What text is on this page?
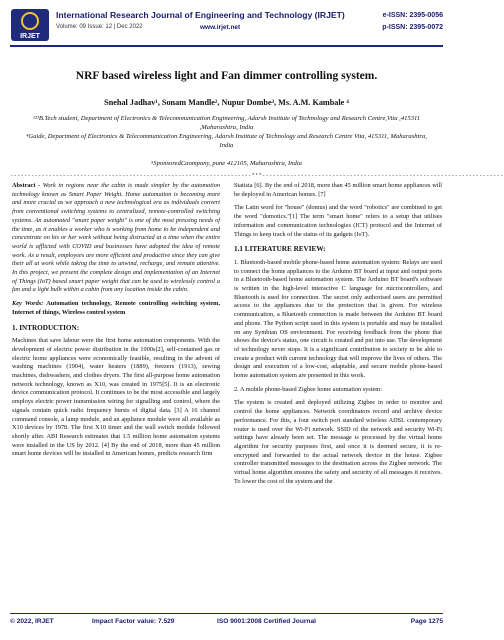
IRJET
International Research Journal of Engineering and Technology (IRJET)
Volume: 09 Issue: 12 | Dec 2022	www.irjet.net
e-ISSN: 2395-0056
p-ISSN: 2395-0072
NRF based wireless light and Fan dimmer controlling system.
Snehal Jadhav¹, Sonam Mandle², Nupur Dombe³, Ms. A.M. Kambale ⁴
¹²³B.Tech student, Department of Electronics & Telecommunication Engineering, Adarsh Institute of Technology and Research Centre,Vita ,415311 ,Maharashtra, India
⁴Guide, Department of Electronics & Telecommunication Engineering, Adarsh Institute of Technology and Research Centre Vita, 415311, Maharashtra, India
⁵SponsoredCaompany, pune 412105, Maharashtra, India
---------------------------------------------------------------------***---------------------------------------------------------------------

Abstract - Work in regions near the cabin is made simpler by the automation technology known as Smart Paper Weight. Home automation is becoming more and more crucial as we approach a new technological era as individuals convert from conventional switching systems to centralized, remote-controlled switching systems. An automated "smart paper weight" is one of the most pressing needs of the time, as it enables a worker who is working from home to be independent and concentrate on his or her work without being distracted at a time when the entire world is afflicted with COVID and businesses have adopted the idea of remote work. As a result, employees are more efficient and productive since they can give their all at work while taking the time to unwind, recharge, and remain attentive. In this project, we present the complete design and implementation of an Internet of Things (IoT) based smart paper weight that can be used to wirelessly control a fan and a light bulb within a cabin from any location inside the cabin.

Key Words: Automation technology, Remote controlling switching system, Internet of things, Wireless control system

1. INTRODUCTION:

Machines that save labour were the first home automation components. With the development of electric power distribution in the 1900s[2], self-contained gas or electric home appliances were economically feasible, resulting in the advent of washing machines (1904), water heaters (1889), freezers (1913), sewing machines, dishwashers, and clothes dryers. The first all-purpose home automation network technology, known as X10, was created in 1975[5]. It is an electronic device communication protocol. It continues to be the most accessible and largely employs electric power transmission wiring for signalling and control, where the signals contain quick radio frequency bursts of digital data. [3] A 16 channel command console, a lamp module, and an appliance module were all available as X10 devices by 1978. The first X10 timer and the wall switch module followed shortly after. ABI Research estimates that 1.5 million home automation systems were installed in the US by 2012. [4] By the end of 2018, more than 45 million smart home devices will be installed in American homes, predicts research firm

Statista [6]. By the end of 2018, more than 45 million smart home appliances will be deployed in American homes. [7]

The Latin word for "house" (domus) and the word "robotics" are combined to get the word "domotics."[1] The term "smart home" refers to a setup that utilises information and communication technologies (ICT) protocol and the Internet of Things to keep track of the status of its gadgets (IoT).

1.1 LITERATURE REVIEW:

1. Bluetooth-based mobile phone-based home automation system: Relays are used to connect the home appliances to the Arduino BT board at input and output ports in a Bluetooth-based home automation system. The Arduino BT board's software is written in the high-level interactive C language for microcontrollers, and Bluetooth is used for connection. The secret only authorised users are permitted access to the appliances due to the protection that is given. For wireless communication, a Bluetooth connection is made between the Arduino BT board and phone. The Python script used in this system is portable and may be installed on any Symbian OS environment. For receiving feedback from the phone that shows the device's status, one circuit is created and put into use. The development of technology never stops. It is a significant contribution to society to be able to create a product with current technology that will improve the lives of others. The design and execution of a low-cost, adaptable, and secure mobile phone-based home automation system are presented in this work.

2. A mobile phone-based Zigbee home automation system:

The system is created and deployed utilizing Zigbee in order to monitor and control the home appliances. Network coordinators record and archive device performance. For this, a four switch port standard wireless ADSL contemporary router is used over the Wi-Fi network. SSID of the network and security Wi-Fi settings have already been set. The message is processed by the virtual home algorithm for security purposes first, and once it is deemed secure, it is re-encrypted and forwarded to the actual network device in the house. Zigbee controller transmitted messages to the destination across the Zigbee network. The virtual home algorithm ensures the safety and security of all messages it receives. To lower the cost of the system and the

© 2022, IRJET	Impact Factor value: 7.529	ISO 9001:2008 Certified Journal	Page 1275
